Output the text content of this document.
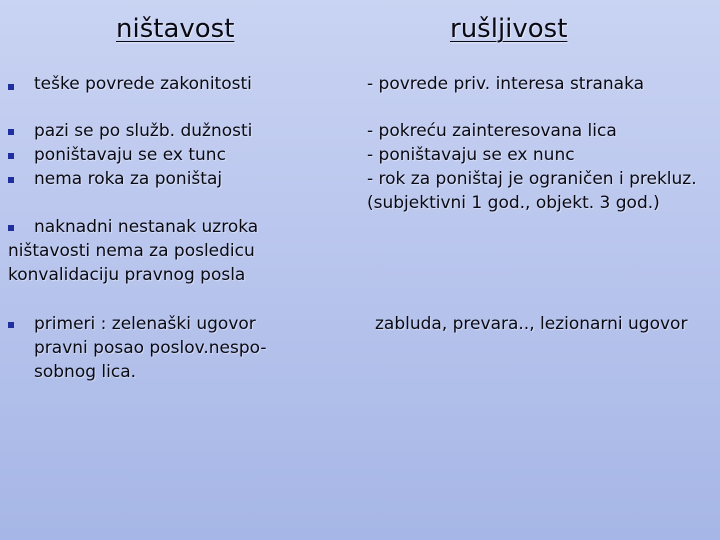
ništavost	rušljivost
teške povrede zakonitosti
pazi se po služb. dužnosti
poništavaju se ex tunc
nema roka za poništaj
naknadni nestanak uzroka
ništavosti nema za posledicu
konvalidaciju pravnog posla
primeri : zelenaški ugovor
pravni posao poslov.nespo-
sobnog lica.
- povrede priv. interesa stranaka
- pokreću zainteresovana lica
- poništavaju se ex nunc
- rok za poništaj je ograničen i prekluz.
(subjektivni 1 god., objekt. 3 god.)
zabluda, prevara.., lezionarni ugovor
